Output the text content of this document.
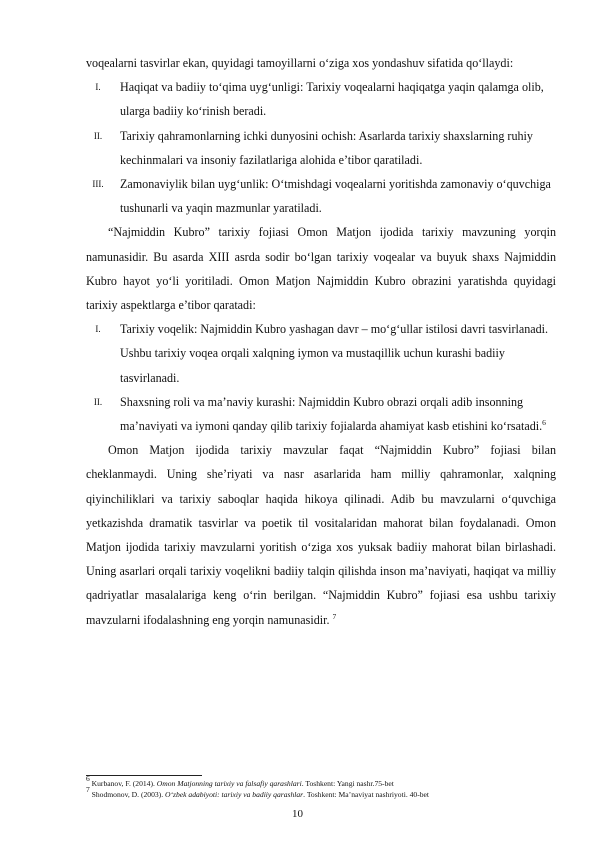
voqealarni tasvirlar ekan, quyidagi tamoyillarni o‘ziga xos yondashuv sifatida qo‘llaydi:

I.	Haqiqat va badiiy to‘qima uyg‘unligi: Tarixiy voqealarni haqiqatga yaqin qalamga olib, ularga badiiy ko‘rinish beradi.
II.	Tarixiy qahramonlarning ichki dunyosini ochish: Asarlarda tarixiy shaxslarning ruhiy kechinmalari va insoniy fazilatlariga alohida e’tibor qaratiladi.
III.	Zamonaviylik bilan uyg‘unlik: O‘tmishdagi voqealarni yoritishda zamonaviy o‘quvchiga tushunarli va yaqin mazmunlar yaratiladi.

“Najmiddin Kubro” tarixiy fojiasi Omon Matjon ijodida tarixiy mavzuning yorqin namunasidir. Bu asarda XIII asrda sodir bo‘lgan tarixiy voqealar va buyuk shaxs Najmiddin Kubro hayot yo‘li yoritiladi. Omon Matjon Najmiddin Kubro obrazini yaratishda quyidagi tarixiy aspektlarga e’tibor qaratadi:

I.	Tarixiy voqelik: Najmiddin Kubro yashagan davr – mo‘g‘ullar istilosi davri tasvirlanadi. Ushbu tarixiy voqea orqali xalqning iymon va mustaqillik uchun kurashi badiiy tasvirlanadi.
II.	Shaxsning roli va ma’naviy kurashi: Najmiddin Kubro obrazi orqali adib insonning ma’naviyati va iymoni qanday qilib tarixiy fojialarda ahamiyat kasb etishini ko‘rsatadi.$^6$

Omon Matjon ijodida tarixiy mavzular faqat “Najmiddin Kubro” fojiasi bilan cheklanmaydi. Uning she’riyati va nasr asarlarida ham milliy qahramonlar, xalqning qiyinchiliklari va tarixiy saboqlar haqida hikoya qilinadi. Adib bu mavzularni o‘quvchiga yetkazishda dramatik tasvirlar va poetik til vositalaridan mahorat bilan foydalanadi. Omon Matjon ijodida tarixiy mavzularni yoritish o‘ziga xos yuksak badiiy mahorat bilan birlashadi. Uning asarlari orqali tarixiy voqelikni badiiy talqin qilishda inson ma’naviyati, haqiqat va milliy qadriyatlar masalalariga keng o‘rin berilgan. “Najmiddin Kubro” fojiasi esa ushbu tarixiy mavzularni ifodalashning eng yorqin namunasidir. $^7$

$^6$ Kurbanov, F. (2014). Omon Matjonning tarixiy va falsafiy qarashlari. Toshkent: Yangi nashr.75-bet
$^7$ Shodmonov, D. (2003). O‘zbek adabiyoti: tarixiy va badiiy qarashlar. Toshkent: Ma’naviyat nashriyoti. 40-bet
10
